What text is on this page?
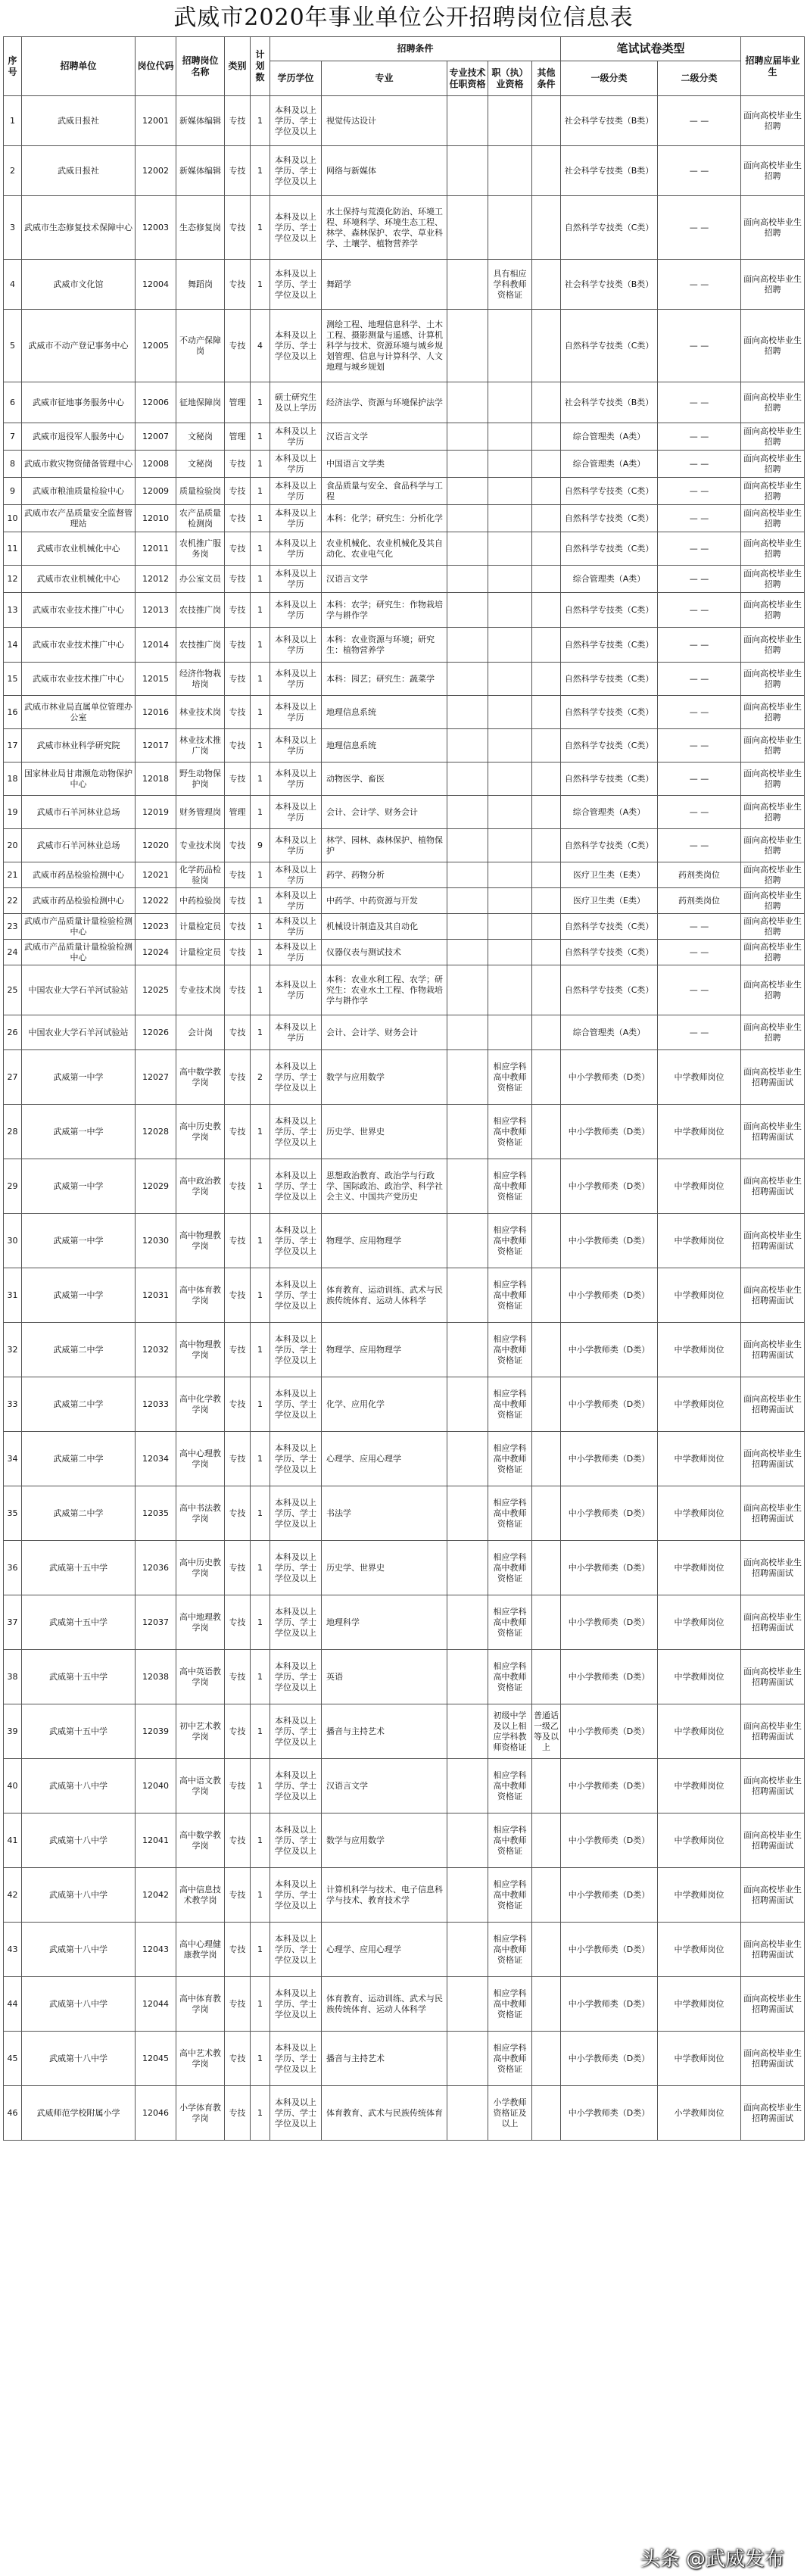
武威市2020年事业单位公开招聘岗位信息表
序号	招聘单位	岗位代码	招聘岗位名称	类别	计划数	招聘条件					笔试试卷类型		招聘应届毕业生
						学历学位	专业	专业技术任职资格	职（执）业资格	其他条件	一级分类	二级分类	
1	武威日报社	12001	新媒体编辑	专技	1	本科及以上学历、学士学位及以上	视觉传达设计				社会科学专技类（B类）	— —	面向高校毕业生招聘
2	武威日报社	12002	新媒体编辑	专技	1	本科及以上学历、学士学位及以上	网络与新媒体				社会科学专技类（B类）	— —	面向高校毕业生招聘
3	武威市生态修复技术保障中心	12003	生态修复岗	专技	1	本科及以上学历、学士学位及以上	水土保持与荒漠化防治、环境工程、环境科学、环境生态工程、林学、森林保护、农学、草业科学、土壤学、植物营养学				自然科学专技类（C类）	— —	面向高校毕业生招聘
4	武威市文化馆	12004	舞蹈岗	专技	1	本科及以上学历、学士学位及以上	舞蹈学		具有相应学科教师资格证		社会科学专技类（B类）	— —	面向高校毕业生招聘
5	武威市不动产登记事务中心	12005	不动产保障岗	专技	4	本科及以上学历、学士学位及以上	测绘工程、地理信息科学、土木工程、摄影测量与遥感、计算机科学与技术、资源环境与城乡规划管理、信息与计算科学、人文地理与城乡规划				自然科学专技类（C类）	— —	面向高校毕业生招聘
6	武威市征地事务服务中心	12006	征地保障岗	管理	1	硕士研究生及以上学历	经济法学、资源与环境保护法学				社会科学专技类（B类）	— —	面向高校毕业生招聘
7	武威市退役军人服务中心	12007	文秘岗	管理	1	本科及以上学历	汉语言文学				综合管理类（A类）	— —	面向高校毕业生招聘
8	武威市救灾物资储备管理中心	12008	文秘岗	专技	1	本科及以上学历	中国语言文学类				综合管理类（A类）	— —	面向高校毕业生招聘
9	武威市粮油质量检验中心	12009	质量检验岗	专技	1	本科及以上学历	食品质量与安全、食品科学与工程				自然科学专技类（C类）	— —	面向高校毕业生招聘
10	武威市农产品质量安全监督管理站	12010	农产品质量检测岗	专技	1	本科及以上学历	本科：化学；研究生：分析化学				自然科学专技类（C类）	— —	面向高校毕业生招聘
11	武威市农业机械化中心	12011	农机推广服务岗	专技	1	本科及以上学历	农业机械化、农业机械化及其自动化、农业电气化				自然科学专技类（C类）	— —	面向高校毕业生招聘
12	武威市农业机械化中心	12012	办公室文员	专技	1	本科及以上学历	汉语言文学				综合管理类（A类）	— —	面向高校毕业生招聘
13	武威市农业技术推广中心	12013	农技推广岗	专技	1	本科及以上学历	本科：农学；研究生：作物栽培学与耕作学				自然科学专技类（C类）	— —	面向高校毕业生招聘
14	武威市农业技术推广中心	12014	农技推广岗	专技	1	本科及以上学历	本科：农业资源与环境；研究生：植物营养学				自然科学专技类（C类）	— —	面向高校毕业生招聘
15	武威市农业技术推广中心	12015	经济作物栽培岗	专技	1	本科及以上学历	本科：园艺；研究生：蔬菜学				自然科学专技类（C类）	— —	面向高校毕业生招聘
16	武威市林业局直属单位管理办公室	12016	林业技术岗	专技	1	本科及以上学历	地理信息系统				自然科学专技类（C类）	— —	面向高校毕业生招聘
17	武威市林业科学研究院	12017	林业技术推广岗	专技	1	本科及以上学历	地理信息系统				自然科学专技类（C类）	— —	面向高校毕业生招聘
18	国家林业局甘肃濒危动物保护中心	12018	野生动物保护岗	专技	1	本科及以上学历	动物医学、畜医				自然科学专技类（C类）	— —	面向高校毕业生招聘
19	武威市石羊河林业总场	12019	财务管理岗	管理	1	本科及以上学历	会计、会计学、财务会计				综合管理类（A类）	— —	面向高校毕业生招聘
20	武威市石羊河林业总场	12020	专业技术岗	专技	9	本科及以上学历	林学、园林、森林保护、植物保护				自然科学专技类（C类）	— —	面向高校毕业生招聘
21	武威市药品检验检测中心	12021	化学药品检验岗	专技	1	本科及以上学历	药学、药物分析				医疗卫生类（E类）	药剂类岗位	面向高校毕业生招聘
22	武威市药品检验检测中心	12022	中药检验岗	专技	1	本科及以上学历	中药学、中药资源与开发				医疗卫生类（E类）	药剂类岗位	面向高校毕业生招聘
23	武威市产品质量计量检验检测中心	12023	计量检定员	专技	1	本科及以上学历	机械设计制造及其自动化				自然科学专技类（C类）	— —	面向高校毕业生招聘
24	武威市产品质量计量检验检测中心	12024	计量检定员	专技	1	本科及以上学历	仪器仪表与测试技术				自然科学专技类（C类）	— —	面向高校毕业生招聘
25	中国农业大学石羊河试验站	12025	专业技术岗	专技	1	本科及以上学历	本科：农业水利工程、农学；研究生：农业水土工程、作物栽培学与耕作学				自然科学专技类（C类）	— —	面向高校毕业生招聘
26	中国农业大学石羊河试验站	12026	会计岗	专技	1	本科及以上学历	会计、会计学、财务会计				综合管理类（A类）	— —	面向高校毕业生招聘
27	武威第一中学	12027	高中数学教学岗	专技	2	本科及以上学历、学士学位及以上	数学与应用数学		相应学科高中教师资格证		中小学教师类（D类）	中学教师岗位	面向高校毕业生招聘需面试
28	武威第一中学	12028	高中历史教学岗	专技	1	本科及以上学历、学士学位及以上	历史学、世界史		相应学科高中教师资格证		中小学教师类（D类）	中学教师岗位	面向高校毕业生招聘需面试
29	武威第一中学	12029	高中政治教学岗	专技	1	本科及以上学历、学士学位及以上	思想政治教育、政治学与行政学、国际政治、政治学、科学社会主义、中国共产党历史		相应学科高中教师资格证		中小学教师类（D类）	中学教师岗位	面向高校毕业生招聘需面试
30	武威第一中学	12030	高中物理教学岗	专技	1	本科及以上学历、学士学位及以上	物理学、应用物理学		相应学科高中教师资格证		中小学教师类（D类）	中学教师岗位	面向高校毕业生招聘需面试
31	武威第一中学	12031	高中体育教学岗	专技	1	本科及以上学历、学士学位及以上	体育教育、运动训练、武术与民族传统体育、运动人体科学		相应学科高中教师资格证		中小学教师类（D类）	中学教师岗位	面向高校毕业生招聘需面试
32	武威第二中学	12032	高中物理教学岗	专技	1	本科及以上学历、学士学位及以上	物理学、应用物理学		相应学科高中教师资格证		中小学教师类（D类）	中学教师岗位	面向高校毕业生招聘需面试
33	武威第二中学	12033	高中化学教学岗	专技	1	本科及以上学历、学士学位及以上	化学、应用化学		相应学科高中教师资格证		中小学教师类（D类）	中学教师岗位	面向高校毕业生招聘需面试
34	武威第二中学	12034	高中心理教学岗	专技	1	本科及以上学历、学士学位及以上	心理学、应用心理学		相应学科高中教师资格证		中小学教师类（D类）	中学教师岗位	面向高校毕业生招聘需面试
35	武威第二中学	12035	高中书法教学岗	专技	1	本科及以上学历、学士学位及以上	书法学		相应学科高中教师资格证		中小学教师类（D类）	中学教师岗位	面向高校毕业生招聘需面试
36	武威第十五中学	12036	高中历史教学岗	专技	1	本科及以上学历、学士学位及以上	历史学、世界史		相应学科高中教师资格证		中小学教师类（D类）	中学教师岗位	面向高校毕业生招聘需面试
37	武威第十五中学	12037	高中地理教学岗	专技	1	本科及以上学历、学士学位及以上	地理科学		相应学科高中教师资格证		中小学教师类（D类）	中学教师岗位	面向高校毕业生招聘需面试
38	武威第十五中学	12038	高中英语教学岗	专技	1	本科及以上学历、学士学位及以上	英语		相应学科高中教师资格证		中小学教师类（D类）	中学教师岗位	面向高校毕业生招聘需面试
39	武威第十五中学	12039	初中艺术教学岗	专技	1	本科及以上学历、学士学位及以上	播音与主持艺术		初级中学及以上相应学科教师资格证	普通话一级乙等及以上	中小学教师类（D类）	中学教师岗位	面向高校毕业生招聘需面试
40	武威第十八中学	12040	高中语文教学岗	专技	1	本科及以上学历、学士学位及以上	汉语言文学		相应学科高中教师资格证		中小学教师类（D类）	中学教师岗位	面向高校毕业生招聘需面试
41	武威第十八中学	12041	高中数学教学岗	专技	1	本科及以上学历、学士学位及以上	数学与应用数学		相应学科高中教师资格证		中小学教师类（D类）	中学教师岗位	面向高校毕业生招聘需面试
42	武威第十八中学	12042	高中信息技术教学岗	专技	1	本科及以上学历、学士学位及以上	计算机科学与技术、电子信息科学与技术、教育技术学		相应学科高中教师资格证		中小学教师类（D类）	中学教师岗位	面向高校毕业生招聘需面试
43	武威第十八中学	12043	高中心理健康教学岗	专技	1	本科及以上学历、学士学位及以上	心理学、应用心理学		相应学科高中教师资格证		中小学教师类（D类）	中学教师岗位	面向高校毕业生招聘需面试
44	武威第十八中学	12044	高中体育教学岗	专技	1	本科及以上学历、学士学位及以上	体育教育、运动训练、武术与民族传统体育、运动人体科学		相应学科高中教师资格证		中小学教师类（D类）	中学教师岗位	面向高校毕业生招聘需面试
45	武威第十八中学	12045	高中艺术教学岗	专技	1	本科及以上学历、学士学位及以上	播音与主持艺术		相应学科高中教师资格证		中小学教师类（D类）	中学教师岗位	面向高校毕业生招聘需面试
46	武威师范学校附属小学	12046	小学体育教学岗	专技	1	本科及以上学历、学士学位及以上	体育教育、武术与民族传统体育		小学教师资格证及以上		中小学教师类（D类）	小学教师岗位	面向高校毕业生招聘需面试
头条 @武威发布
